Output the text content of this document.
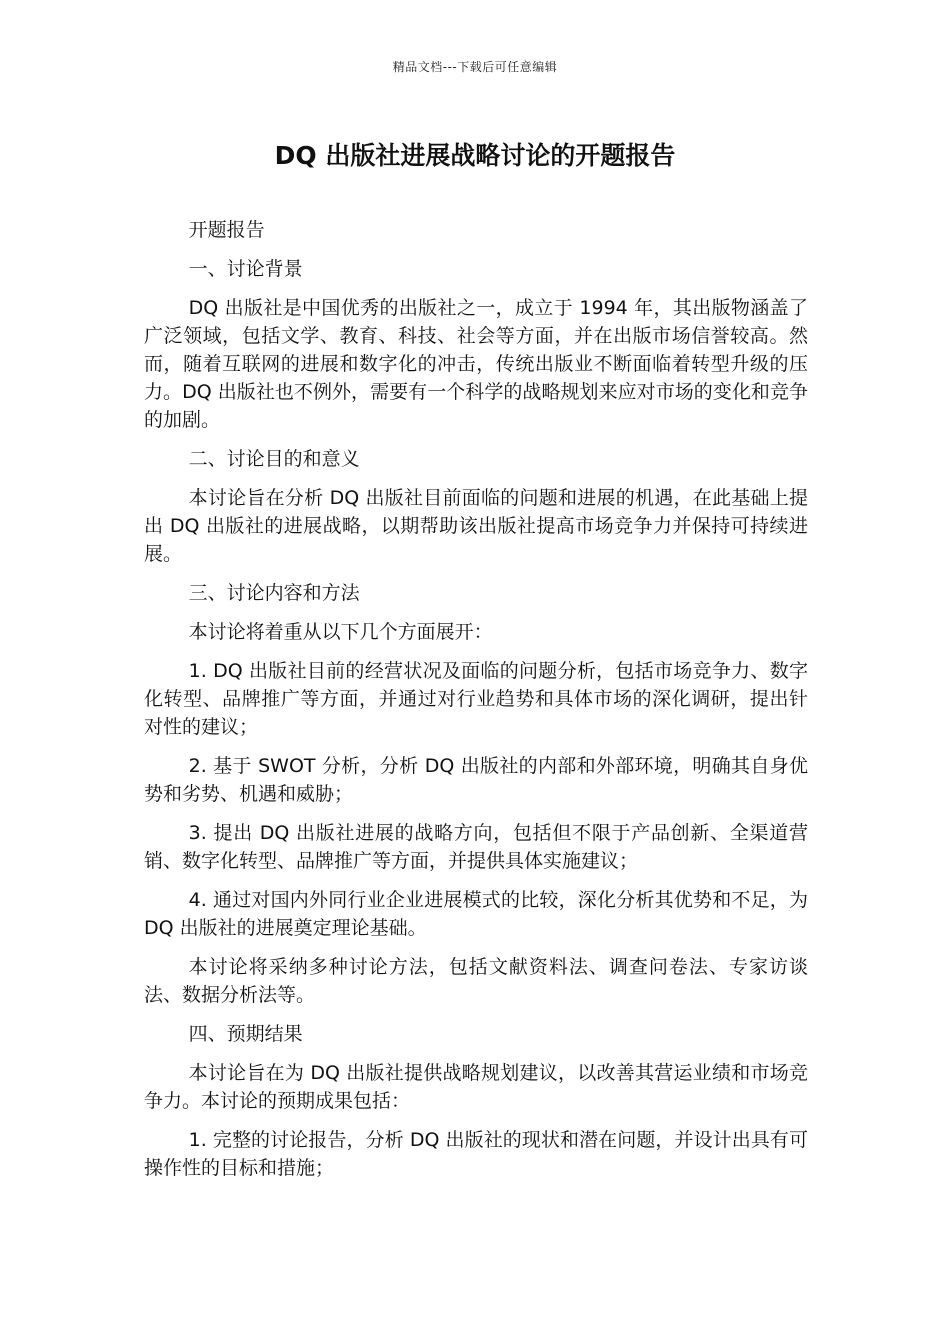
精品文档---下载后可任意编辑
DQ 出版社进展战略讨论的开题报告

开题报告

一、讨论背景

DQ 出版社是中国优秀的出版社之一，成立于 1994 年，其出版物涵盖了广泛领域，包括文学、教育、科技、社会等方面，并在出版市场信誉较高。然而，随着互联网的进展和数字化的冲击，传统出版业不断面临着转型升级的压力。DQ 出版社也不例外，需要有一个科学的战略规划来应对市场的变化和竞争的加剧。

二、讨论目的和意义

本讨论旨在分析 DQ 出版社目前面临的问题和进展的机遇，在此基础上提出 DQ 出版社的进展战略，以期帮助该出版社提高市场竞争力并保持可持续进展。

三、讨论内容和方法

本讨论将着重从以下几个方面展开：

1. DQ 出版社目前的经营状况及面临的问题分析，包括市场竞争力、数字化转型、品牌推广等方面，并通过对行业趋势和具体市场的深化调研，提出针对性的建议；

2. 基于 SWOT 分析，分析 DQ 出版社的内部和外部环境，明确其自身优势和劣势、机遇和威胁；

3. 提出 DQ 出版社进展的战略方向，包括但不限于产品创新、全渠道营销、数字化转型、品牌推广等方面，并提供具体实施建议；

4. 通过对国内外同行业企业进展模式的比较，深化分析其优势和不足，为 DQ 出版社的进展奠定理论基础。

本讨论将采纳多种讨论方法，包括文献资料法、调查问卷法、专家访谈法、数据分析法等。

四、预期结果

本讨论旨在为 DQ 出版社提供战略规划建议，以改善其营运业绩和市场竞争力。本讨论的预期成果包括：

1. 完整的讨论报告，分析 DQ 出版社的现状和潜在问题，并设计出具有可操作性的目标和措施；
